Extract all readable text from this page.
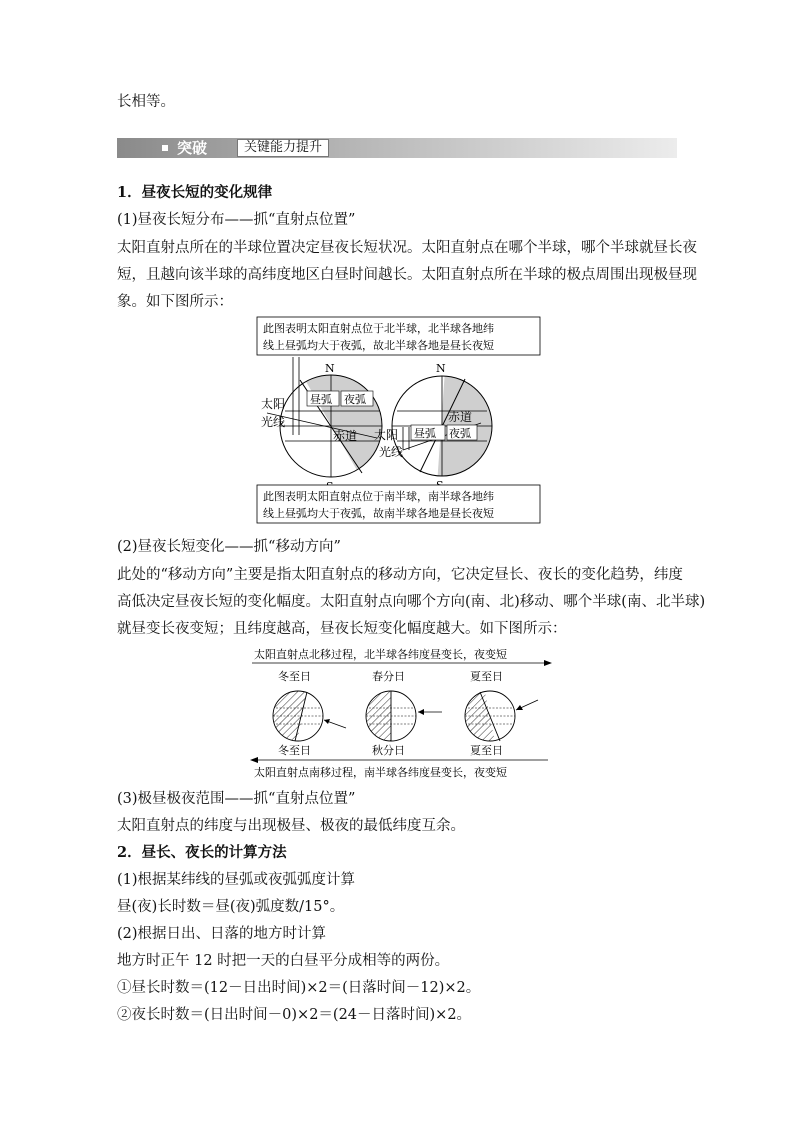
长相等。
突破	关键能力提升
1．昼夜长短的变化规律
(1)昼夜长短分布——抓“直射点位置”
太阳直射点所在的半球位置决定昼夜长短状况。太阳直射点在哪个半球，哪个半球就昼长夜
短，且越向该半球的高纬度地区白昼时间越长。太阳直射点所在半球的极点周围出现极昼现
象。如下图所示：
此图表明太阳直射点位于北半球，北半球各地纬
线上昼弧均大于夜弧，故北半球各地是昼长夜短
昼弧 夜弧
赤道
N
太阳
光线	赤道
昼弧 夜弧
N
太阳
光线
此图表明太阳直射点位于南半球，南半球各地纬
线上昼弧均大于夜弧，故南半球各地是昼长夜短
(2)昼夜长短变化——抓“移动方向”
此处的“移动方向”主要是指太阳直射点的移动方向，它决定昼长、夜长的变化趋势，纬度
高低决定昼夜长短的变化幅度。太阳直射点向哪个方向(南、北)移动、哪个半球(南、北半球)
就昼变长夜变短；且纬度越高，昼夜长短变化幅度越大。如下图所示：
太阳直射点北移过程，北半球各纬度昼变长，夜变短
冬至日	春分日	夏至日
冬至日	秋分日	夏至日
太阳直射点南移过程，南半球各纬度昼变长，夜变短
(3)极昼极夜范围——抓“直射点位置”
太阳直射点的纬度与出现极昼、极夜的最低纬度互余。
2．昼长、夜长的计算方法
(1)根据某纬线的昼弧或夜弧弧度计算
昼(夜)长时数＝昼(夜)弧度数/15°。
(2)根据日出、日落的地方时计算
地方时正午 12 时把一天的白昼平分成相等的两份。
①昼长时数＝(12－日出时间)×2＝(日落时间－12)×2。
②夜长时数＝(日出时间－0)×2＝(24－日落时间)×2。
